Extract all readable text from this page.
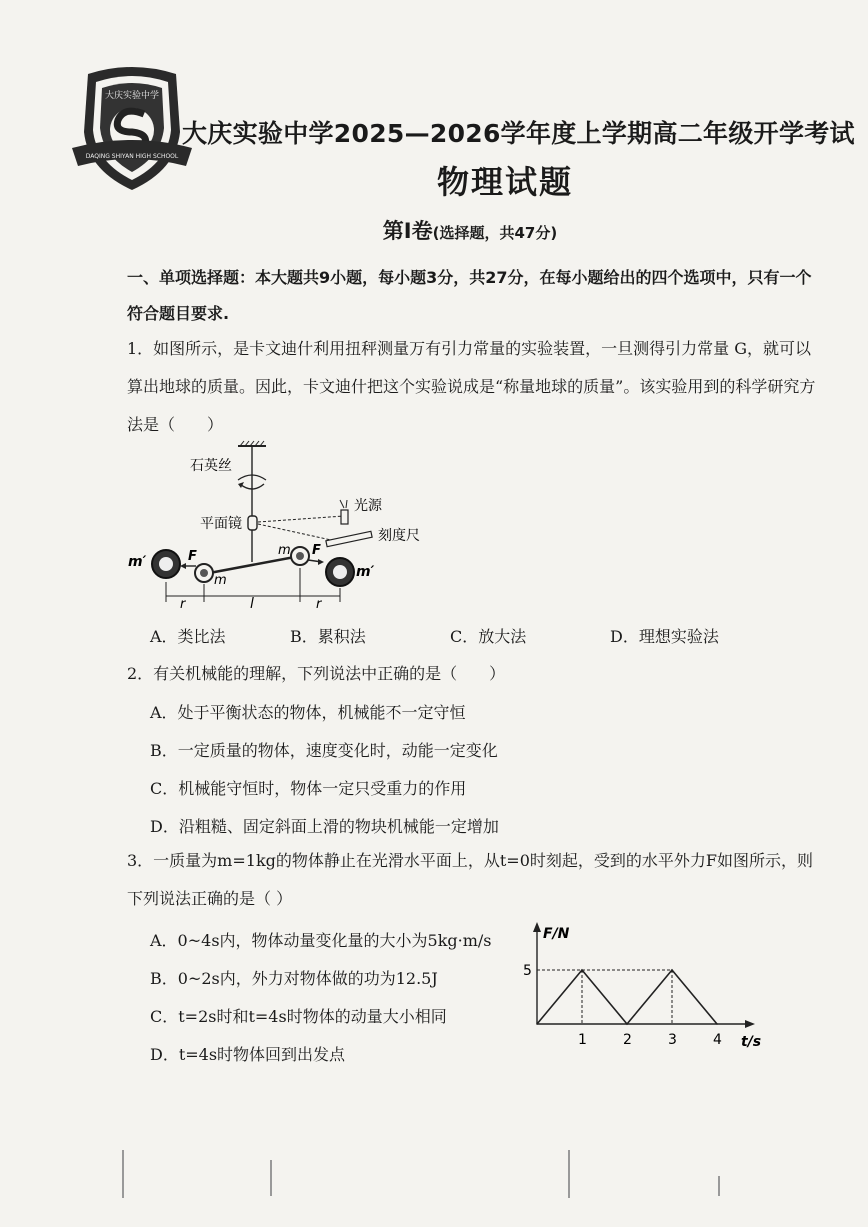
大庆实验中学
DAQING SHIYAN HIGH SCHOOL
大庆实验中学2025—2026学年度上学期高二年级开学考试
物理试题
第Ⅰ卷(选择题，共47分)
一、单项选择题：本大题共9小题，每小题3分，共27分，在每小题给出的四个选项中，只有一个符合题目要求.
1．如图所示，是卡文迪什利用扭秤测量万有引力常量的实验装置，一旦测得引力常量 G，就可以算出地球的质量。因此，卡文迪什把这个实验说成是“称量地球的质量”。该实验用到的科学研究方法是（　　）
石英丝
平面镜
光源
刻度尺
m′
m′
m
m
F	F
r	l	r
A．类比法	B．累积法	C．放大法	D．理想实验法
2．有关机械能的理解，下列说法中正确的是（　　）
A．处于平衡状态的物体，机械能不一定守恒
B．一定质量的物体，速度变化时，动能一定变化
C．机械能守恒时，物体一定只受重力的作用
D．沿粗糙、固定斜面上滑的物块机械能一定增加
3．一质量为m=1kg的物体静止在光滑水平面上，从t=0时刻起，受到的水平外力F如图所示，则下列说法正确的是（ ）
A．0~4s内，物体动量变化量的大小为5kg·m/s
B．0~2s内，外力对物体做的功为12.5J
C．t=2s时和t=4s时物体的动量大小相同
D．t=4s时物体回到出发点
F/N
t/s
1	2	3	4
5
